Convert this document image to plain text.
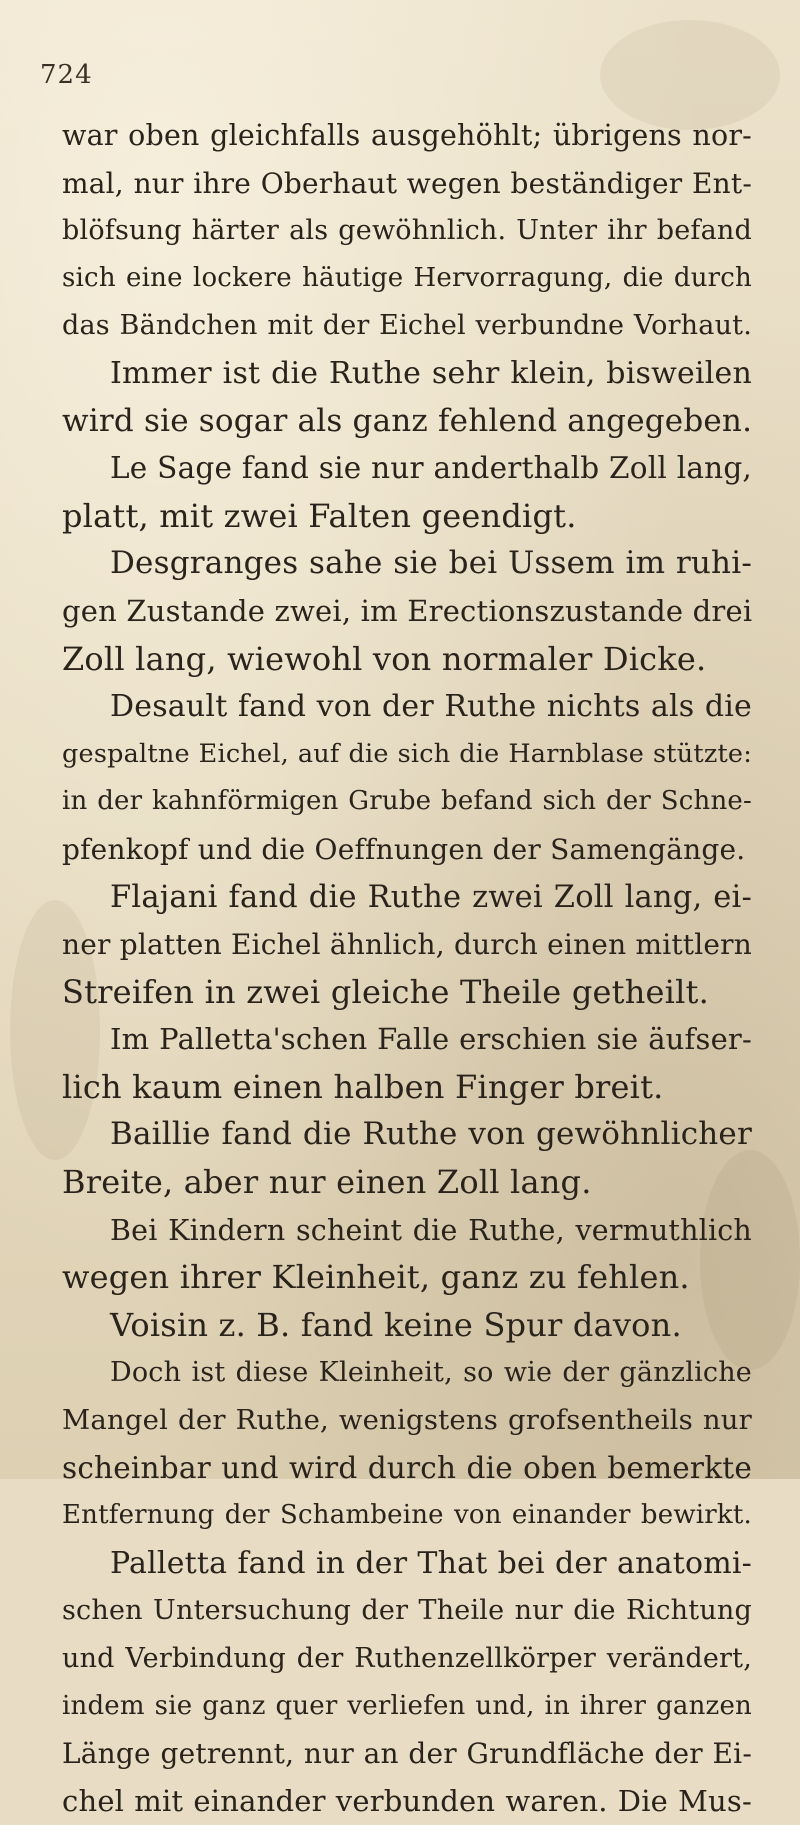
724
war oben gleichfalls ausgehöhlt; übrigens nor-
mal, nur ihre Oberhaut wegen beständiger Ent-
blöfsung härter als gewöhnlich. Unter ihr befand
sich eine lockere häutige Hervorragung, die durch
das Bändchen mit der Eichel verbundne Vorhaut.
Immer ist die Ruthe sehr klein, bisweilen
wird sie sogar als ganz fehlend angegeben.
Le Sage fand sie nur anderthalb Zoll lang,
platt, mit zwei Falten geendigt.
Desgranges sahe sie bei Ussem im ruhi-
gen Zustande zwei, im Erectionszustande drei
Zoll lang, wiewohl von normaler Dicke.
Desault fand von der Ruthe nichts als die
gespaltne Eichel, auf die sich die Harnblase stützte:
in der kahnförmigen Grube befand sich der Schne-
pfenkopf und die Oeffnungen der Samengänge.
Flajani fand die Ruthe zwei Zoll lang, ei-
ner platten Eichel ähnlich, durch einen mittlern
Streifen in zwei gleiche Theile getheilt.
Im Palletta'schen Falle erschien sie äufser-
lich kaum einen halben Finger breit.
Baillie fand die Ruthe von gewöhnlicher
Breite, aber nur einen Zoll lang.
Bei Kindern scheint die Ruthe, vermuthlich
wegen ihrer Kleinheit, ganz zu fehlen.
Voisin z. B. fand keine Spur davon.
Doch ist diese Kleinheit, so wie der gänzliche
Mangel der Ruthe, wenigstens grofsentheils nur
scheinbar und wird durch die oben bemerkte
Entfernung der Schambeine von einander bewirkt.
Palletta fand in der That bei der anatomi-
schen Untersuchung der Theile nur die Richtung
und Verbindung der Ruthenzellkörper verändert,
indem sie ganz quer verliefen und, in ihrer ganzen
Länge getrennt, nur an der Grundfläche der Ei-
chel mit einander verbunden waren. Die Mus-
